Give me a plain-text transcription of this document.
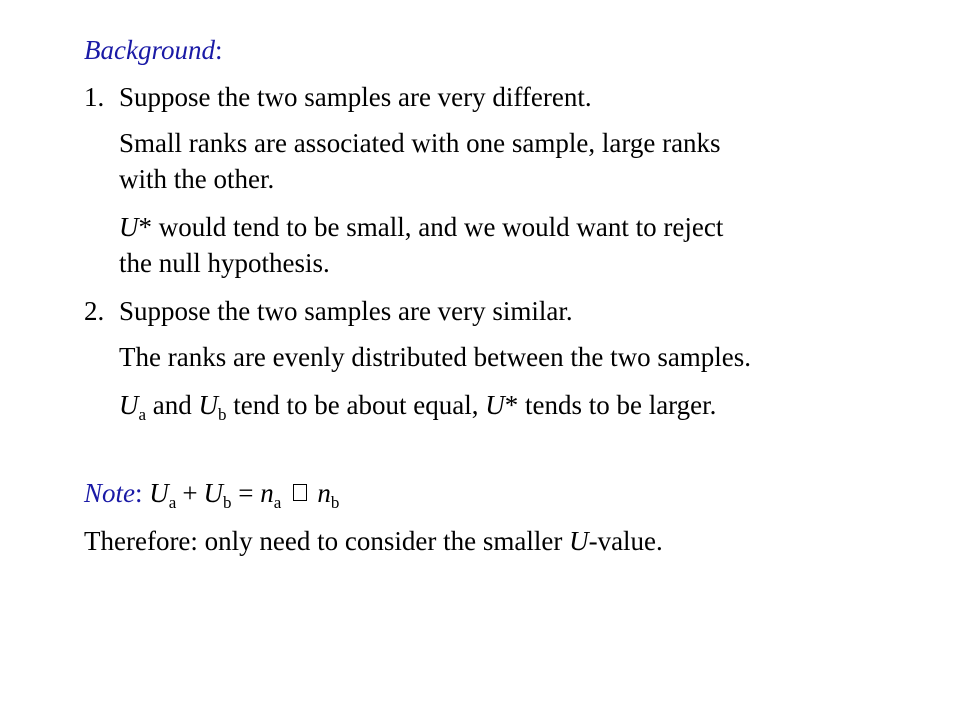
Background:
1. Suppose the two samples are very different.
Small ranks are associated with one sample, large ranks
with the other.
U* would tend to be small, and we would want to reject
the null hypothesis.
2. Suppose the two samples are very similar.
The ranks are evenly distributed between the two samples.
$U_a$ and $U_b$ tend to be about equal, U* tends to be larger.
Note: $U_a + U_b = n_a$ $n_b$
Therefore: only need to consider the smaller U-value.
